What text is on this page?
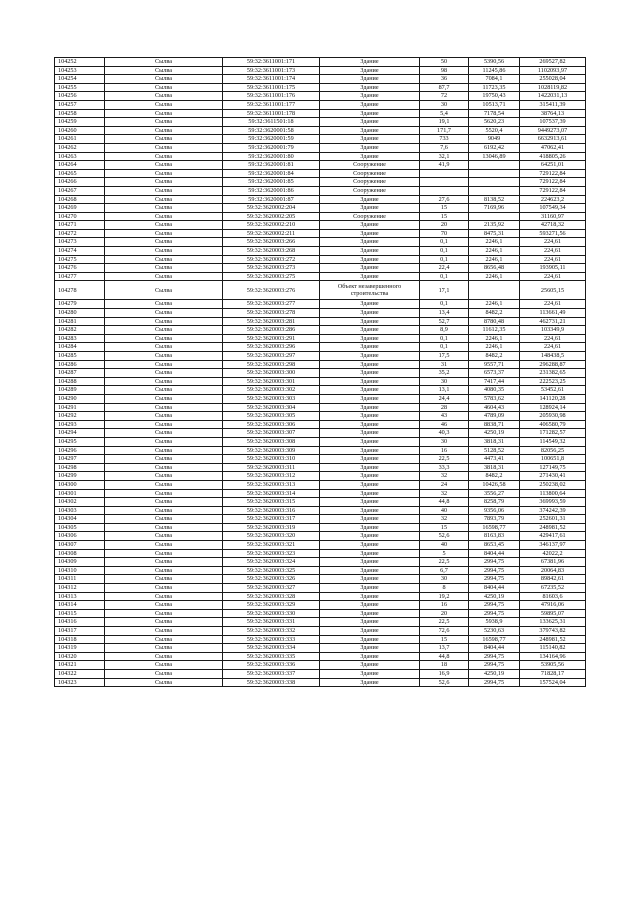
104252	Сылва	59:32:3611001:171	Здание	50	5390,56	269527,82
104253	Сылва	59:32:3611001:173	Здание	98	11245,86	1102093,97
104254	Сылва	59:32:3611001:174	Здание	36	7084,1	255028,04
104255	Сылва	59:32:3611001:175	Здание	87,7	11723,35	1028119,82
104256	Сылва	59:32:3611001:176	Здание	72	19750,43	1422031,13
104257	Сылва	59:32:3611001:177	Здание	30	10513,71	315411,39
104258	Сылва	59:32:3611001:178	Здание	5,4	7178,54	38764,13
104259	Сылва	59:32:3611501:18	Здание	19,1	5620,23	107537,39
104260	Сылва	59:32:3620001:58	Здание	171,7	5520,4	9449273,07
104261	Сылва	59:32:3620001:59	Здание	733	9049	6632913,61
104262	Сылва	59:32:3620001:79	Здание	7,6	6192,42	47062,41
104263	Сылва	59:32:3620001:80	Здание	32,1	13046,89	418805,26
104264	Сылва	59:32:3620001:81	Сооружение	41,9		64251,01
104265	Сылва	59:32:3620001:84	Сооружение			729122,84
104266	Сылва	59:32:3620001:85	Сооружение			729122,84
104267	Сылва	59:32:3620001:86	Сооружение			729122,84
104268	Сылва	59:32:3620001:87	Здание	27,6	8138,52	224623,2
104269	Сылва	59:32:3620002:204	Здание	15	7169,96	107549,34
104270	Сылва	59:32:3620002:205	Сооружение	15		31160,97
104271	Сылва	59:32:3620002:210	Здание	20	2135,92	42718,32
104272	Сылва	59:32:3620002:211	Здание	70	8475,31	593271,56
104273	Сылва	59:32:3620003:266	Здание	0,1	2246,1	224,61
104274	Сылва	59:32:3620003:268	Здание	0,1	2246,1	224,61
104275	Сылва	59:32:3620003:272	Здание	0,1	2246,1	224,61
104276	Сылва	59:32:3620003:273	Здание	22,4	8656,48	193905,11
104277	Сылва	59:32:3620003:275	Здание	0,1	2246,1	224,61
104278	Сылва	59:32:3620003:276	Объект незавершенного строительства	17,1		25605,15
104279	Сылва	59:32:3620003:277	Здание	0,1	2246,1	224,61
104280	Сылва	59:32:3620003:278	Здание	13,4	8482,2	113661,49
104281	Сылва	59:32:3620003:281	Здание	52,7	8780,48	462731,21
104282	Сылва	59:32:3620003:286	Здание	8,9	11612,35	103349,9
104283	Сылва	59:32:3620003:291	Здание	0,1	2246,1	224,61
104284	Сылва	59:32:3620003:296	Здание	0,1	2246,1	224,61
104285	Сылва	59:32:3620003:297	Здание	17,5	8482,2	148438,5
104286	Сылва	59:32:3620003:298	Здание	31	9557,71	296288,87
104287	Сылва	59:32:3620003:300	Здание	35,2	6573,37	231382,65
104288	Сылва	59:32:3620003:301	Здание	30	7417,44	222523,25
104289	Сылва	59:32:3620003:302	Здание	13,1	4080,35	53452,61
104290	Сылва	59:32:3620003:303	Здание	24,4	5783,62	141120,28
104291	Сылва	59:32:3620003:304	Здание	28	4604,43	128924,14
104292	Сылва	59:32:3620003:305	Здание	43	4789,09	205930,98
104293	Сылва	59:32:3620003:306	Здание	46	8838,71	406580,79
104294	Сылва	59:32:3620003:307	Здание	40,3	4250,19	171282,57
104295	Сылва	59:32:3620003:308	Здание	30	3818,31	114549,32
104296	Сылва	59:32:3620003:309	Здание	16	5128,52	82056,25
104297	Сылва	59:32:3620003:310	Здание	22,5	4473,41	100651,8
104298	Сылва	59:32:3620003:311	Здание	33,3	3818,31	127149,75
104299	Сылва	59:32:3620003:312	Здание	32	8482,2	271430,41
104300	Сылва	59:32:3620003:313	Здание	24	10426,58	250238,02
104301	Сылва	59:32:3620003:314	Здание	32	3556,27	113800,64
104302	Сылва	59:32:3620003:315	Здание	44,8	8258,79	369993,59
104303	Сылва	59:32:3620003:316	Здание	40	9356,06	374242,39
104304	Сылва	59:32:3620003:317	Здание	32	7893,79	252601,31
104305	Сылва	59:32:3620003:319	Здание	15	16598,77	248981,52
104306	Сылва	59:32:3620003:320	Здание	52,6	8163,83	429417,61
104307	Сылва	59:32:3620003:321	Здание	40	8653,45	346137,97
104308	Сылва	59:32:3620003:323	Здание	5	8404,44	42022,2
104309	Сылва	59:32:3620003:324	Здание	22,5	2994,75	67381,96
104310	Сылва	59:32:3620003:325	Здание	6,7	2994,75	20064,83
104311	Сылва	59:32:3620003:326	Здание	30	2994,75	89842,61
104312	Сылва	59:32:3620003:327	Здание	8	8404,44	67235,52
104313	Сылва	59:32:3620003:328	Здание	19,2	4250,19	81603,6
104314	Сылва	59:32:3620003:329	Здание	16	2994,75	47916,06
104315	Сылва	59:32:3620003:330	Здание	20	2994,75	59895,07
104316	Сылва	59:32:3620003:331	Здание	22,5	5938,9	133625,31
104317	Сылва	59:32:3620003:332	Здание	72,6	5230,63	379743,82
104318	Сылва	59:32:3620003:333	Здание	15	16598,77	248981,52
104319	Сылва	59:32:3620003:334	Здание	13,7	8404,44	115140,82
104320	Сылва	59:32:3620003:335	Здание	44,8	2994,75	134164,96
104321	Сылва	59:32:3620003:336	Здание	18	2994,75	53905,56
104322	Сылва	59:32:3620003:337	Здание	16,9	4250,19	71828,17
104323	Сылва	59:32:3620003:338	Здание	52,6	2994,75	157524,04
